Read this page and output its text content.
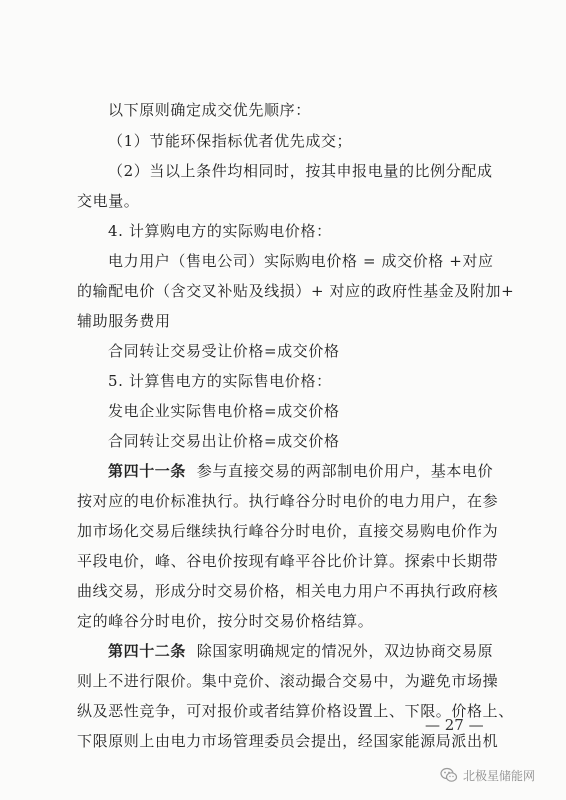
以下原则确定成交优先顺序：
（1）节能环保指标优者优先成交；
（2）当以上条件均相同时，按其申报电量的比例分配成
交电量。
4. 计算购电方的实际购电价格：
电力用户（售电公司）实际购电价格 = 成交价格 +对应
的输配电价（含交叉补贴及线损）+ 对应的政府性基金及附加+
辅助服务费用
合同转让交易受让价格=成交价格
5. 计算售电方的实际售电价格：
发电企业实际售电价格=成交价格
合同转让交易出让价格=成交价格
第四十一条 参与直接交易的两部制电价用户，基本电价
按对应的电价标准执行。执行峰谷分时电价的电力用户，在参
加市场化交易后继续执行峰谷分时电价，直接交易购电价作为
平段电价，峰、谷电价按现有峰平谷比价计算。探索中长期带
曲线交易，形成分时交易价格，相关电力用户不再执行政府核
定的峰谷分时电价，按分时交易价格结算。
第四十二条 除国家明确规定的情况外，双边协商交易原
则上不进行限价。集中竞价、滚动撮合交易中，为避免市场操
纵及恶性竞争，可对报价或者结算价格设置上、下限。价格上、
下限原则上由电力市场管理委员会提出，经国家能源局派出机
— 27 —
北极星储能网
